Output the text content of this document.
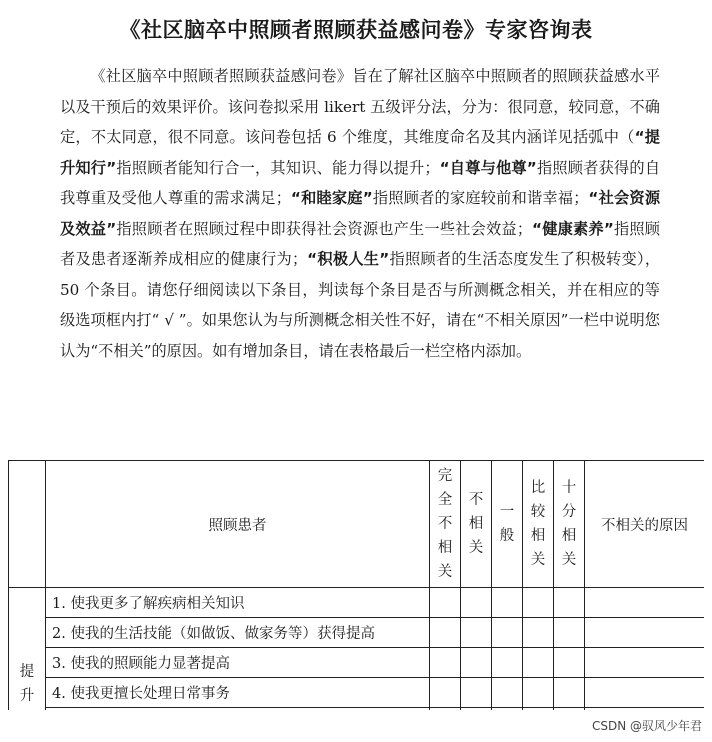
《社区脑卒中照顾者照顾获益感问卷》专家咨询表

《社区脑卒中照顾者照顾获益感问卷》旨在了解社区脑卒中照顾者的照顾获益感水平以及干预后的效果评价。该问卷拟采用 likert 五级评分法，分为：很同意，较同意，不确定，不太同意，很不同意。该问卷包括 6 个维度，其维度命名及其内涵详见括弧中（“提升知行”指照顾者能知行合一，其知识、能力得以提升；“自尊与他尊”指照顾者获得的自我尊重及受他人尊重的需求满足；“和睦家庭”指照顾者的家庭较前和谐幸福；“社会资源及效益”指照顾者在照顾过程中即获得社会资源也产生一些社会效益；“健康素养”指照顾者及患者逐渐养成相应的健康行为；“积极人生”指照顾者的生活态度发生了积极转变），50 个条目。请您仔细阅读以下条目，判读每个条目是否与所测概念相关，并在相应的等级选项框内打“ √ ”。如果您认为与所测概念相关性不好，请在“不相关原因”一栏中说明您认为“不相关”的原因。如有增加条目，请在表格最后一栏空格内添加。

	照顾患者	完全不相关	不相关	一般	比较相关	十分相关	不相关的原因
提升	1. 使我更多了解疾病相关知识						
	2. 使我的生活技能（如做饭、做家务等）获得提高						
	3. 使我的照顾能力显著提高						
	4. 使我更擅长处理日常事务						

CSDN @驭风少年君
